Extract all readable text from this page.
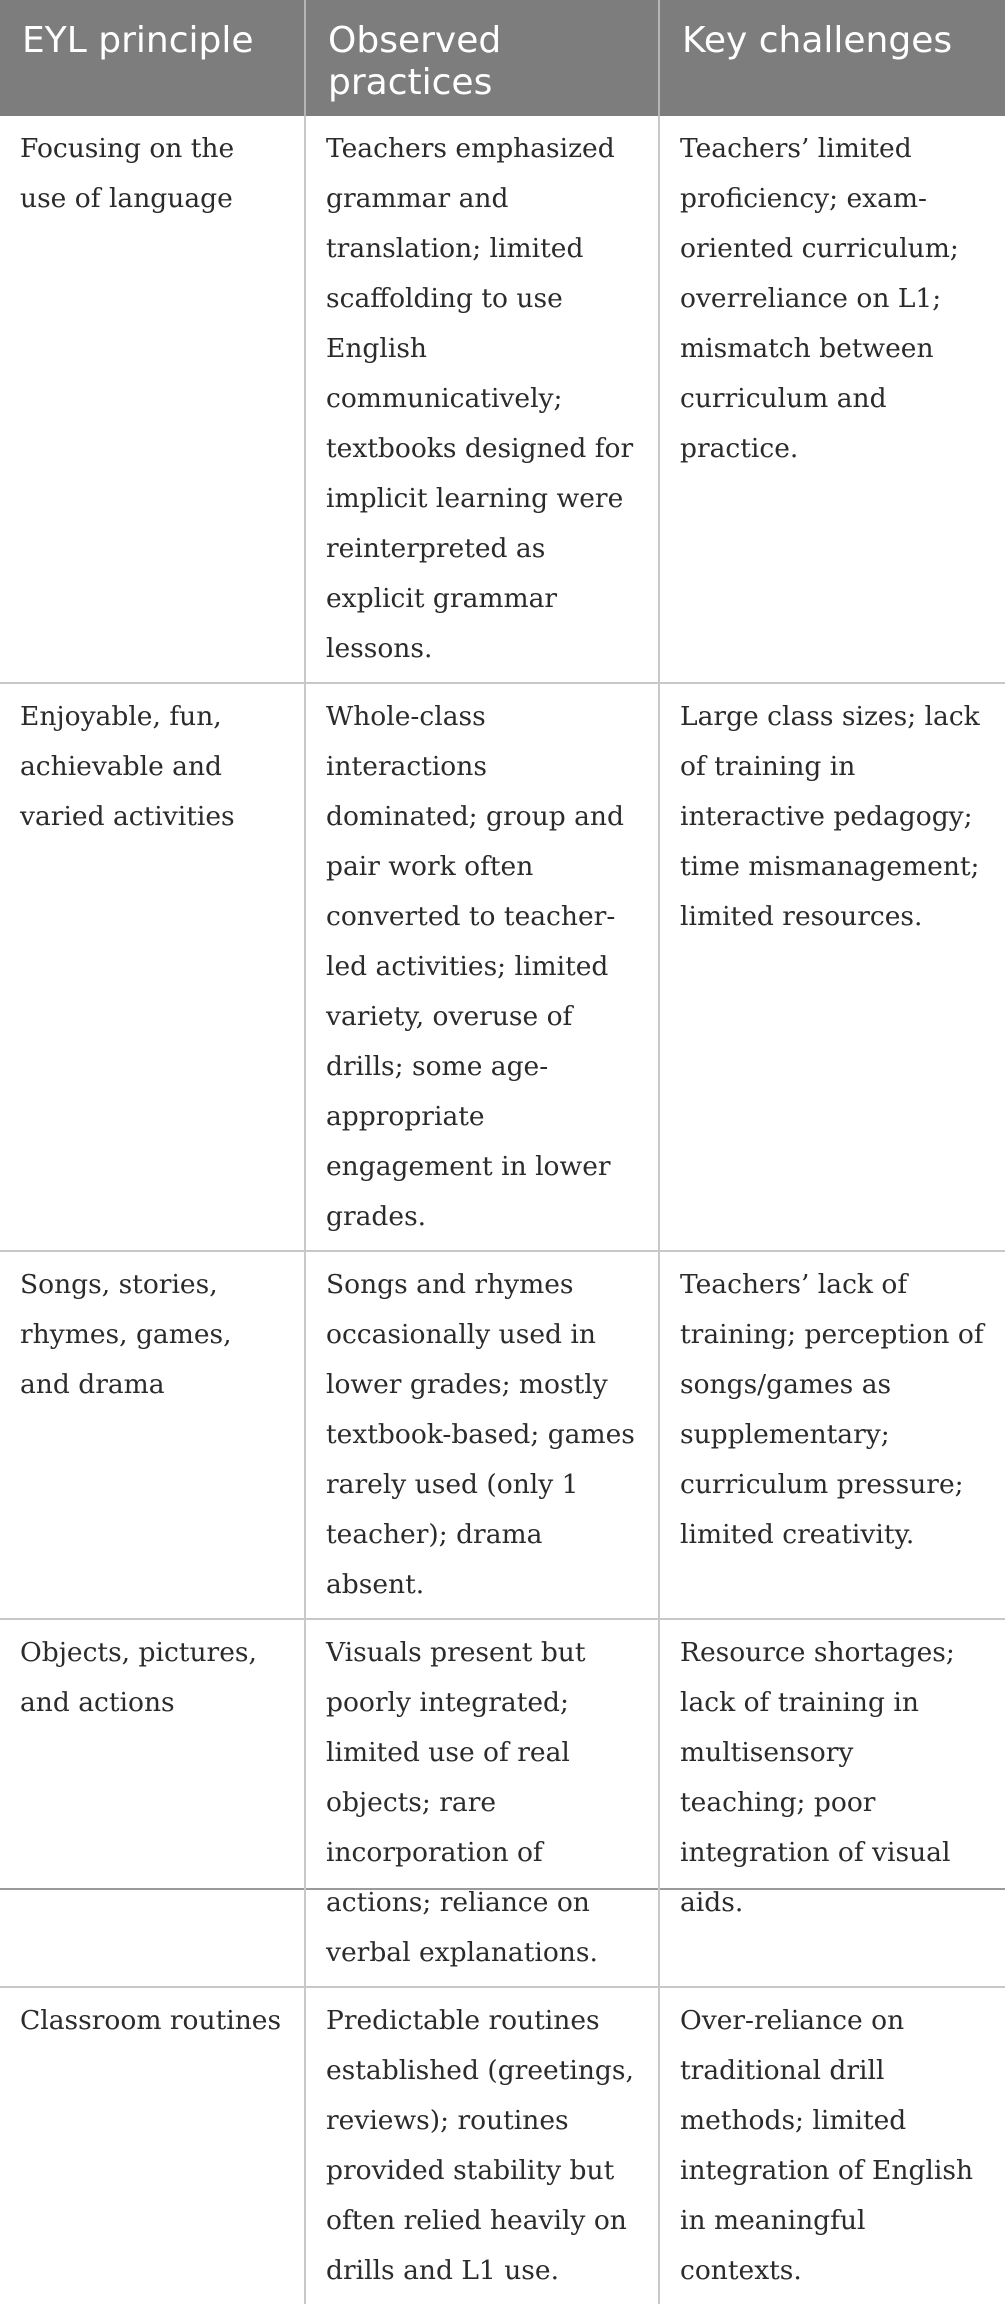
EYL principle	Observed practices	Key challenges
Focusing on the use of language	Teachers emphasized grammar and translation; limited scaffolding to use English communicatively; textbooks designed for implicit learning were reinterpreted as explicit grammar lessons.	Teachers’ limited proficiency; exam-oriented curriculum; overreliance on L1; mismatch between curriculum and practice.
Enjoyable, fun, achievable and varied activities	Whole-class interactions dominated; group and pair work often converted to teacher-led activities; limited variety, overuse of drills; some age-appropriate engagement in lower grades.	Large class sizes; lack of training in interactive pedagogy; time mismanagement; limited resources.
Songs, stories, rhymes, games, and drama	Songs and rhymes occasionally used in lower grades; mostly textbook-based; games rarely used (only 1 teacher); drama absent.	Teachers’ lack of training; perception of songs/games as supplementary; curriculum pressure; limited creativity.
Objects, pictures, and actions	Visuals present but poorly integrated; limited use of real objects; rare incorporation of actions; reliance on verbal explanations.	Resource shortages; lack of training in multisensory teaching; poor integration of visual aids.
Classroom routines	Predictable routines established (greetings, reviews); routines provided stability but often relied heavily on drills and L1 use.	Over-reliance on traditional drill methods; limited integration of English in meaningful contexts.
